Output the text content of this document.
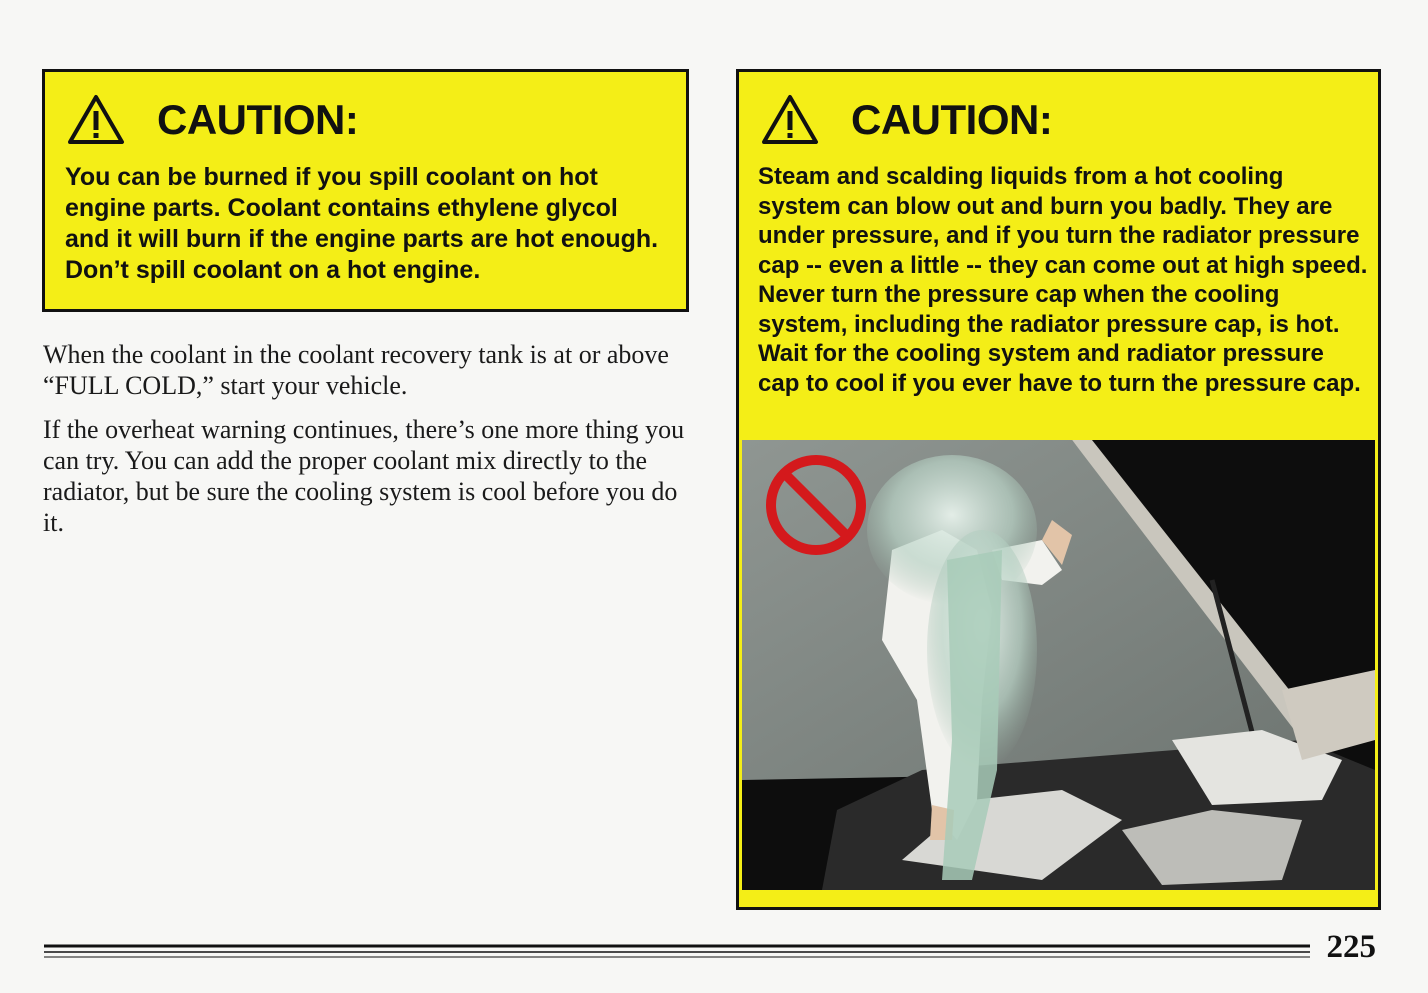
CAUTION:

You can be burned if you spill coolant on hot engine parts. Coolant contains ethylene glycol and it will burn if the engine parts are hot enough. Don’t spill coolant on a hot engine.

When the coolant in the coolant recovery tank is at or above “FULL COLD,” start your vehicle.

If the overheat warning continues, there’s one more thing you can try. You can add the proper coolant mix directly to the radiator, but be sure the cooling system is cool before you do it.

CAUTION:

Steam and scalding liquids from a hot cooling system can blow out and burn you badly. They are under pressure, and if you turn the radiator pressure cap -- even a little -- they can come out at high speed. Never turn the pressure cap when the cooling system, including the radiator pressure cap, is hot. Wait for the cooling system and radiator pressure cap to cool if you ever have to turn the pressure cap.

225
